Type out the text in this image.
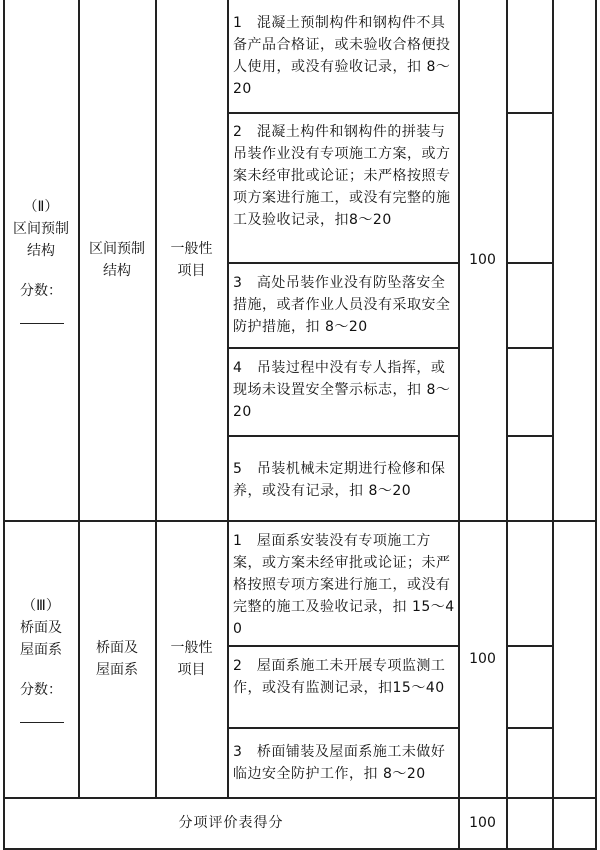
（Ⅱ）
区间预制
结构
分数：
区间预制
结构
一般性
项目
100
1　混凝土预制构件和钢构件不具备产品合格证，或未验收合格便投人使用，或没有验收记录，扣 8～20
2　混凝土构件和钢构件的拼装与吊装作业没有专项施工方案，或方案未经审批或论证；未严格按照专项方案进行施工，或没有完整的施工及验收记录，扣8～20
3　高处吊装作业没有防坠落安全措施，或者作业人员没有采取安全防护措施，扣 8～20
4　吊装过程中没有专人指挥，或现场未设置安全警示标志，扣 8～20
5　吊装机械未定期进行检修和保养，或没有记录，扣 8～20
（Ⅲ）
桥面及
屋面系
分数：
桥面及
屋面系
一般性
项目
100
1　屋面系安装没有专项施工方案，或方案未经审批或论证；未严格按照专项方案进行施工，或没有完整的施工及验收记录，扣 15～40
2　屋面系施工未开展专项监测工作，或没有监测记录，扣15～40
3　桥面铺装及屋面系施工未做好临边安全防护工作，扣 8～20
分项评价表得分	100
